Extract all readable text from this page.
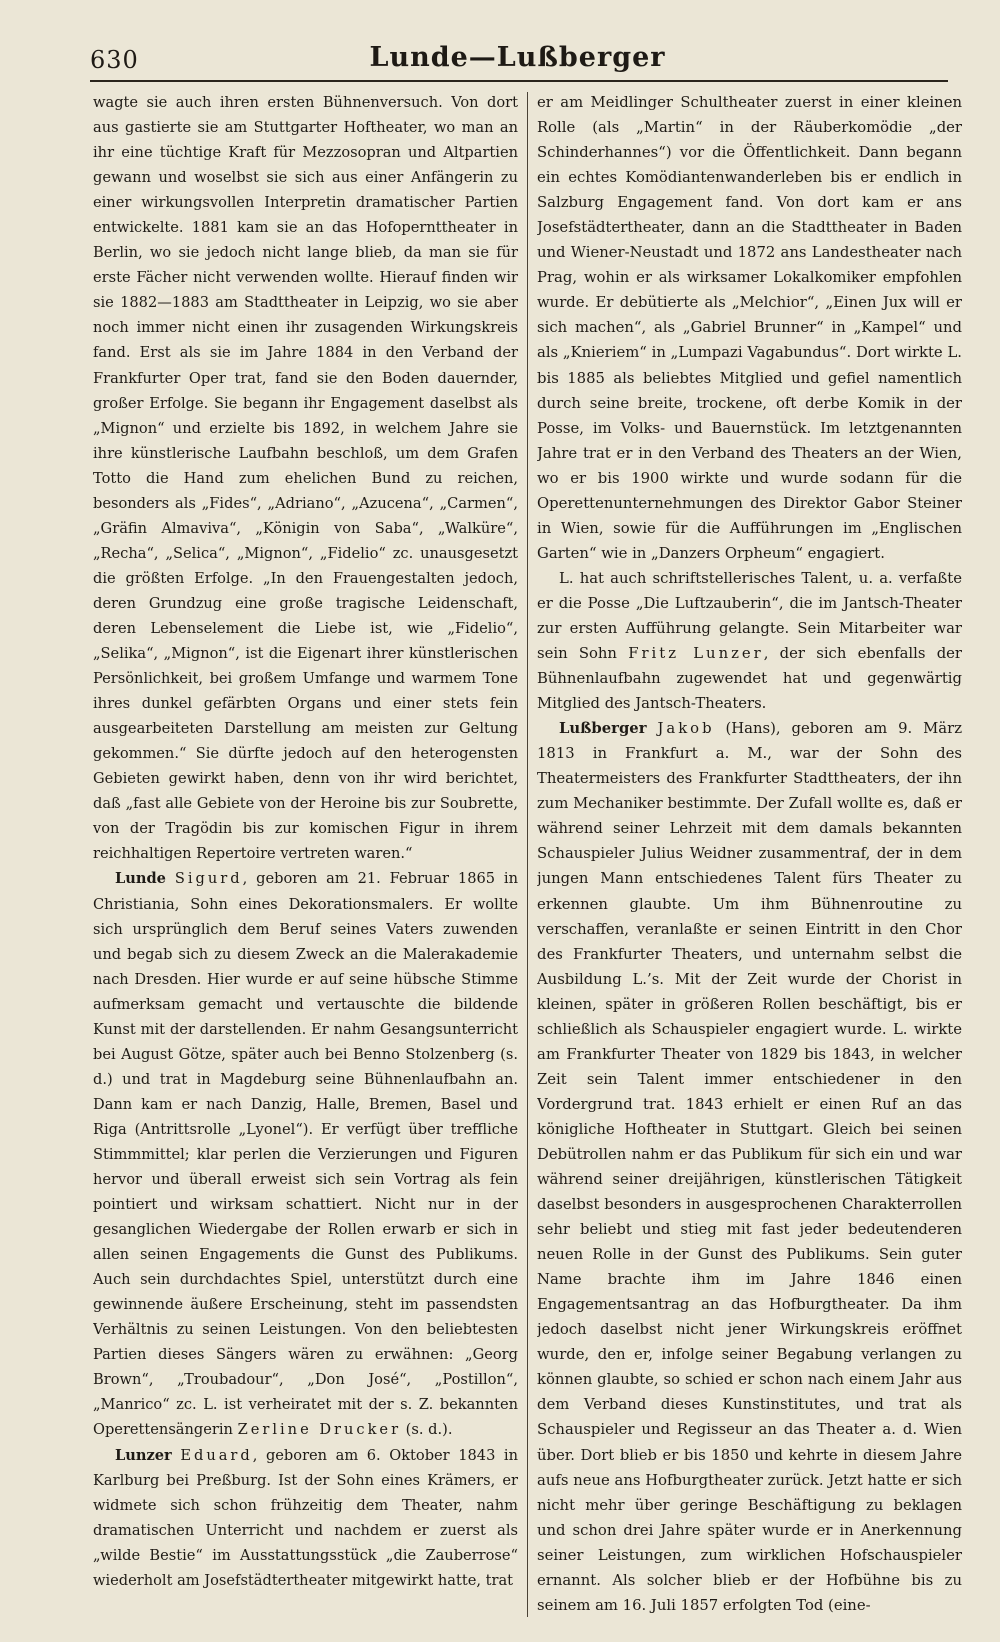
630	Lunde—Lußberger

wagte sie auch ihren ersten Bühnenversuch. Von dort aus gastierte sie am Stuttgarter Hoftheater, wo man an ihr eine tüchtige Kraft für Mezzosopran und Altpartien gewann und woselbst sie sich aus einer Anfängerin zu einer wirkungsvollen Interpretin dramatischer Partien entwickelte. 1881 kam sie an das Hofopernttheater in Berlin, wo sie jedoch nicht lange blieb, da man sie für erste Fächer nicht verwenden wollte. Hierauf finden wir sie 1882—1883 am Stadttheater in Leipzig, wo sie aber noch immer nicht einen ihr zusagenden Wirkungskreis fand. Erst als sie im Jahre 1884 in den Verband der Frankfurter Oper trat, fand sie den Boden dauernder, großer Erfolge. Sie begann ihr Engagement daselbst als „Mignon“ und erzielte bis 1892, in welchem Jahre sie ihre künstlerische Laufbahn beschloß, um dem Grafen Totto die Hand zum ehelichen Bund zu reichen, besonders als „Fides“, „Adriano“, „Azucena“, „Carmen“, „Gräfin Almaviva“, „Königin von Saba“, „Walküre“, „Recha“, „Selica“, „Mignon“, „Fidelio“ zc. unausgesetzt die größten Erfolge. „In den Frauengestalten jedoch, deren Grundzug eine große tragische Leidenschaft, deren Lebenselement die Liebe ist, wie „Fidelio“, „Selika“, „Mignon“, ist die Eigenart ihrer künstlerischen Persönlichkeit, bei großem Umfange und warmem Tone ihres dunkel gefärbten Organs und einer stets fein ausgearbeiteten Darstellung am meisten zur Geltung gekommen.“ Sie dürfte jedoch auf den heterogensten Gebieten gewirkt haben, denn von ihr wird berichtet, daß „fast alle Gebiete von der Heroine bis zur Soubrette, von der Tragödin bis zur komischen Figur in ihrem reichhaltigen Repertoire vertreten waren.“

Lunde Sigurd, geboren am 21. Februar 1865 in Christiania, Sohn eines Dekorationsmalers. Er wollte sich ursprünglich dem Beruf seines Vaters zuwenden und begab sich zu diesem Zweck an die Malerakademie nach Dresden. Hier wurde er auf seine hübsche Stimme aufmerksam gemacht und vertauschte die bildende Kunst mit der darstellenden. Er nahm Gesangsunterricht bei August Götze, später auch bei Benno Stolzenberg (s. d.) und trat in Magdeburg seine Bühnenlaufbahn an. Dann kam er nach Danzig, Halle, Bremen, Basel und Riga (Antrittsrolle „Lyonel“). Er verfügt über treffliche Stimmmittel; klar perlen die Verzierungen und Figuren hervor und überall erweist sich sein Vortrag als fein pointiert und wirksam schattiert. Nicht nur in der gesanglichen Wiedergabe der Rollen erwarb er sich in allen seinen Engagements die Gunst des Publikums. Auch sein durchdachtes Spiel, unterstützt durch eine gewinnende äußere Erscheinung, steht im passendsten Verhältnis zu seinen Leistungen. Von den beliebtesten Partien dieses Sängers wären zu erwähnen: „Georg Brown“, „Troubadour“, „Don José“, „Postillon“, „Manrico“ zc. L. ist verheiratet mit der s. Z. bekannten Operettensängerin Zerline Drucker (s. d.).

Lunzer Eduard, geboren am 6. Oktober 1843 in Karlburg bei Preßburg. Ist der Sohn eines Krämers, er widmete sich schon frühzeitig dem Theater, nahm dramatischen Unterricht und nachdem er zuerst als „wilde Bestie“ im Ausstattungsstück „die Zauberrose“ wiederholt am Josefstädtertheater mitgewirkt hatte, trat

er am Meidlinger Schultheater zuerst in einer kleinen Rolle (als „Martin“ in der Räuberkomödie „der Schinderhannes“) vor die Öffentlichkeit. Dann begann ein echtes Komödiantenwanderleben bis er endlich in Salzburg Engagement fand. Von dort kam er ans Josefstädtertheater, dann an die Stadttheater in Baden und Wiener-Neustadt und 1872 ans Landestheater nach Prag, wohin er als wirksamer Lokalkomiker empfohlen wurde. Er debütierte als „Melchior“, „Einen Jux will er sich machen“, als „Gabriel Brunner“ in „Kampel“ und als „Knieriem“ in „Lumpazi Vagabundus“. Dort wirkte L. bis 1885 als beliebtes Mitglied und gefiel namentlich durch seine breite, trockene, oft derbe Komik in der Posse, im Volks- und Bauernstück. Im letztgenannten Jahre trat er in den Verband des Theaters an der Wien, wo er bis 1900 wirkte und wurde sodann für die Operettenunternehmungen des Direktor Gabor Steiner in Wien, sowie für die Aufführungen im „Englischen Garten“ wie in „Danzers Orpheum“ engagiert.

L. hat auch schriftstellerisches Talent, u. a. verfaßte er die Posse „Die Luftzauberin“, die im Jantsch-Theater zur ersten Aufführung gelangte. Sein Mitarbeiter war sein Sohn Fritz Lunzer, der sich ebenfalls der Bühnenlaufbahn zugewendet hat und gegenwärtig Mitglied des Jantsch-Theaters.

Lußberger Jakob (Hans), geboren am 9. März 1813 in Frankfurt a. M., war der Sohn des Theatermeisters des Frankfurter Stadttheaters, der ihn zum Mechaniker bestimmte. Der Zufall wollte es, daß er während seiner Lehrzeit mit dem damals bekannten Schauspieler Julius Weidner zusammentraf, der in dem jungen Mann entschiedenes Talent fürs Theater zu erkennen glaubte. Um ihm Bühnenroutine zu verschaffen, veranlaßte er seinen Eintritt in den Chor des Frankfurter Theaters, und unternahm selbst die Ausbildung L.’s. Mit der Zeit wurde der Chorist in kleinen, später in größeren Rollen beschäftigt, bis er schließlich als Schauspieler engagiert wurde. L. wirkte am Frankfurter Theater von 1829 bis 1843, in welcher Zeit sein Talent immer entschiedener in den Vordergrund trat. 1843 erhielt er einen Ruf an das königliche Hoftheater in Stuttgart. Gleich bei seinen Debütrollen nahm er das Publikum für sich ein und war während seiner dreijährigen, künstlerischen Tätigkeit daselbst besonders in ausgesprochenen Charakterrollen sehr beliebt und stieg mit fast jeder bedeutenderen neuen Rolle in der Gunst des Publikums. Sein guter Name brachte ihm im Jahre 1846 einen Engagementsantrag an das Hofburgtheater. Da ihm jedoch daselbst nicht jener Wirkungskreis eröffnet wurde, den er, infolge seiner Begabung verlangen zu können glaubte, so schied er schon nach einem Jahr aus dem Verband dieses Kunstinstitutes, und trat als Schauspieler und Regisseur an das Theater a. d. Wien über. Dort blieb er bis 1850 und kehrte in diesem Jahre aufs neue ans Hofburgtheater zurück. Jetzt hatte er sich nicht mehr über geringe Beschäftigung zu beklagen und schon drei Jahre später wurde er in Anerkennung seiner Leistungen, zum wirklichen Hofschauspieler ernannt. Als solcher blieb er der Hofbühne bis zu seinem am 16. Juli 1857 erfolgten Tod (eine-
